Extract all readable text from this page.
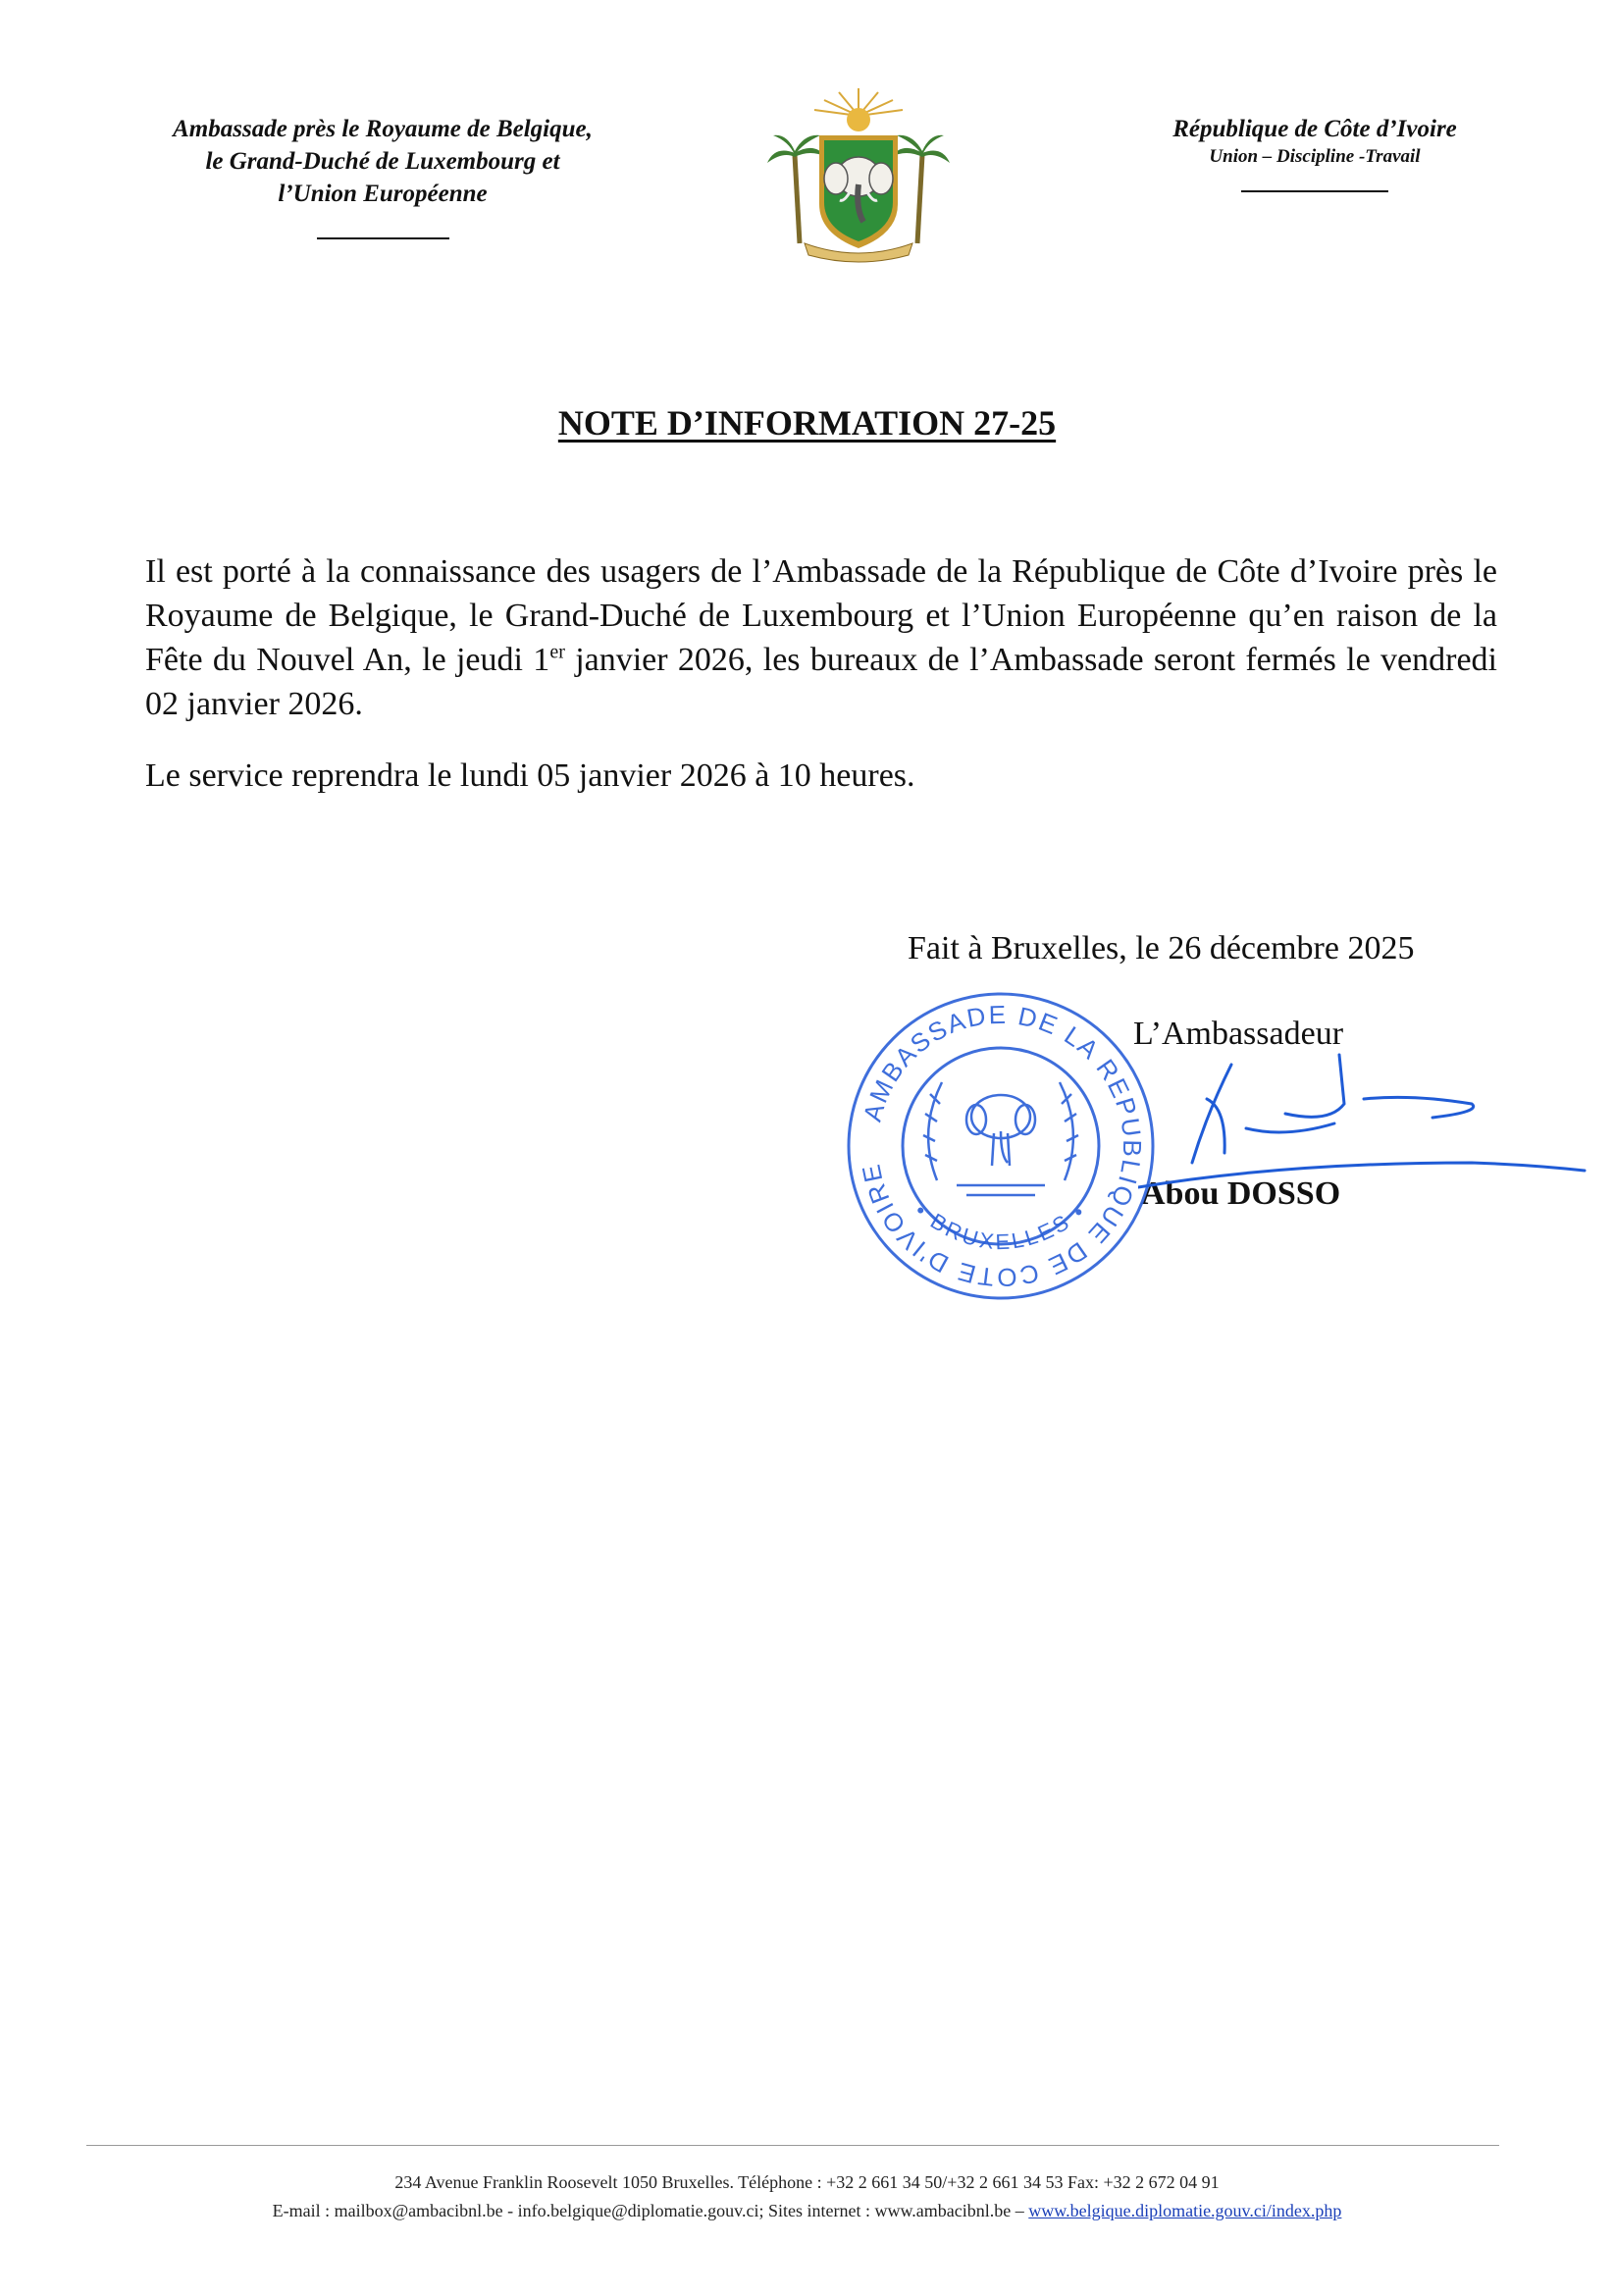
Ambassade près le Royaume de Belgique,
le Grand-Duché de Luxembourg et
l’Union Européenne
République de Côte d’Ivoire
Union – Discipline -Travail
NOTE D’INFORMATION 27-25

Il est porté à la connaissance des usagers de l’Ambassade de la République de Côte d’Ivoire près le Royaume de Belgique, le Grand-Duché de Luxembourg et l’Union Européenne qu’en raison de la Fête du Nouvel An, le jeudi 1er janvier 2026, les bureaux de l’Ambassade seront fermés le vendredi 02 janvier 2026.

Le service reprendra le lundi 05 janvier 2026 à 10 heures.

Fait à Bruxelles, le 26 décembre 2025
L’Ambassadeur
Abou DOSSO
AMBASSADE DE LA REPUBLIQUE DE COTE D'IVOIRE
• BRUXELLES •
234 Avenue Franklin Roosevelt 1050 Bruxelles. Téléphone : +32 2 661 34 50/+32 2 661 34 53 Fax: +32 2 672 04 91
E-mail : mailbox@ambacibnl.be - info.belgique@diplomatie.gouv.ci; Sites internet : www.ambacibnl.be – www.belgique.diplomatie.gouv.ci/index.php
